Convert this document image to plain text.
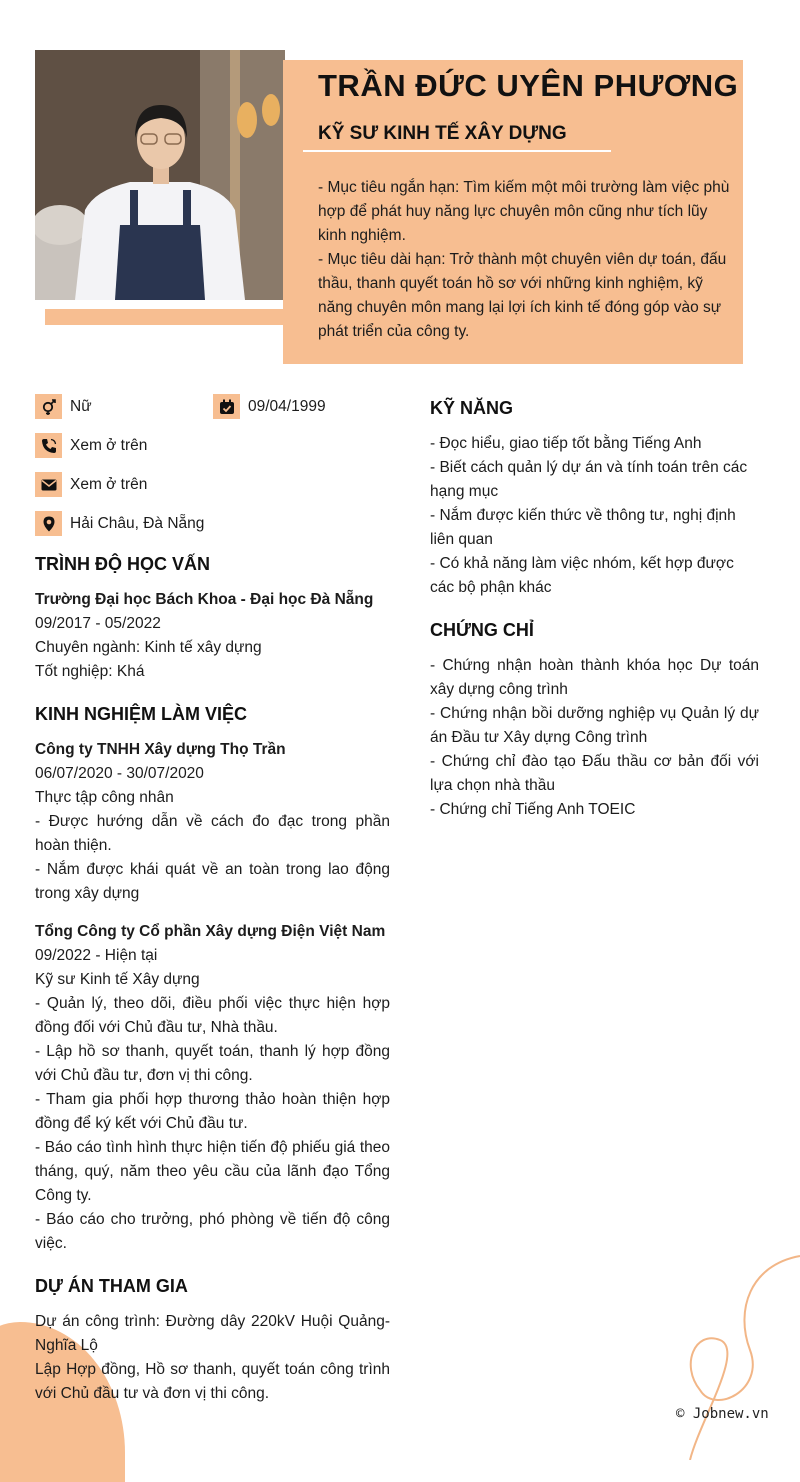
TRẦN ĐỨC UYÊN PHƯƠNG
KỸ SƯ KINH TẾ XÂY DỰNG

- Mục tiêu ngắn hạn: Tìm kiếm một môi trường làm việc phù hợp để phát huy năng lực chuyên môn cũng như tích lũy kinh nghiệm.

- Mục tiêu dài hạn: Trở thành một chuyên viên dự toán, đấu thầu, thanh quyết toán hồ sơ với những kinh nghiệm, kỹ năng chuyên môn mang lại lợi ích kinh tế đóng góp vào sự phát triển của công ty.

Nữ	09/04/1999
Xem ở trên
Xem ở trên
Hải Châu, Đà Nẵng
TRÌNH ĐỘ HỌC VẤN

Trường Đại học Bách Khoa - Đại học Đà Nẵng

09/2017 - 05/2022

Chuyên ngành: Kinh tế xây dựng

Tốt nghiệp: Khá

KINH NGHIỆM LÀM VIỆC

Công ty TNHH Xây dựng Thọ Trần

06/07/2020 - 30/07/2020

Thực tập công nhân

- Được hướng dẫn về cách đo đạc trong phần hoàn thiện.

- Nắm được khái quát về an toàn trong lao động trong xây dựng

Tổng Công ty Cổ phần Xây dựng Điện Việt Nam

09/2022 - Hiện tại

Kỹ sư Kinh tế Xây dựng

- Quản lý, theo dõi, điều phối việc thực hiện hợp đồng đối với Chủ đầu tư, Nhà thầu.

- Lập hồ sơ thanh, quyết toán, thanh lý hợp đồng với Chủ đầu tư, đơn vị thi công.

- Tham gia phối hợp thương thảo hoàn thiện hợp đồng để ký kết với Chủ đầu tư.

- Báo cáo tình hình thực hiện tiến độ phiếu giá theo tháng, quý, năm theo yêu cầu của lãnh đạo Tổng Công ty.

- Báo cáo cho trưởng, phó phòng về tiến độ công việc.

DỰ ÁN THAM GIA

Dự án công trình: Đường dây 220kV Huội Quảng-Nghĩa Lộ

Lập Hợp đồng, Hồ sơ thanh, quyết toán công trình với Chủ đầu tư và đơn vị thi công.

KỸ NĂNG

- Đọc hiểu, giao tiếp tốt bằng Tiếng Anh

- Biết cách quản lý dự án và tính toán trên các hạng mục

- Nắm được kiến thức về thông tư, nghị định liên quan

- Có khả năng làm việc nhóm, kết hợp được các bộ phận khác

CHỨNG CHỈ

- Chứng nhận hoàn thành khóa học Dự toán xây dựng công trình

- Chứng nhận bồi dưỡng nghiệp vụ Quản lý dự án Đầu tư Xây dựng Công trình

- Chứng chỉ đào tạo Đấu thầu cơ bản đối với lựa chọn nhà thầu

- Chứng chỉ Tiếng Anh TOEIC

© Jobnew.vn
